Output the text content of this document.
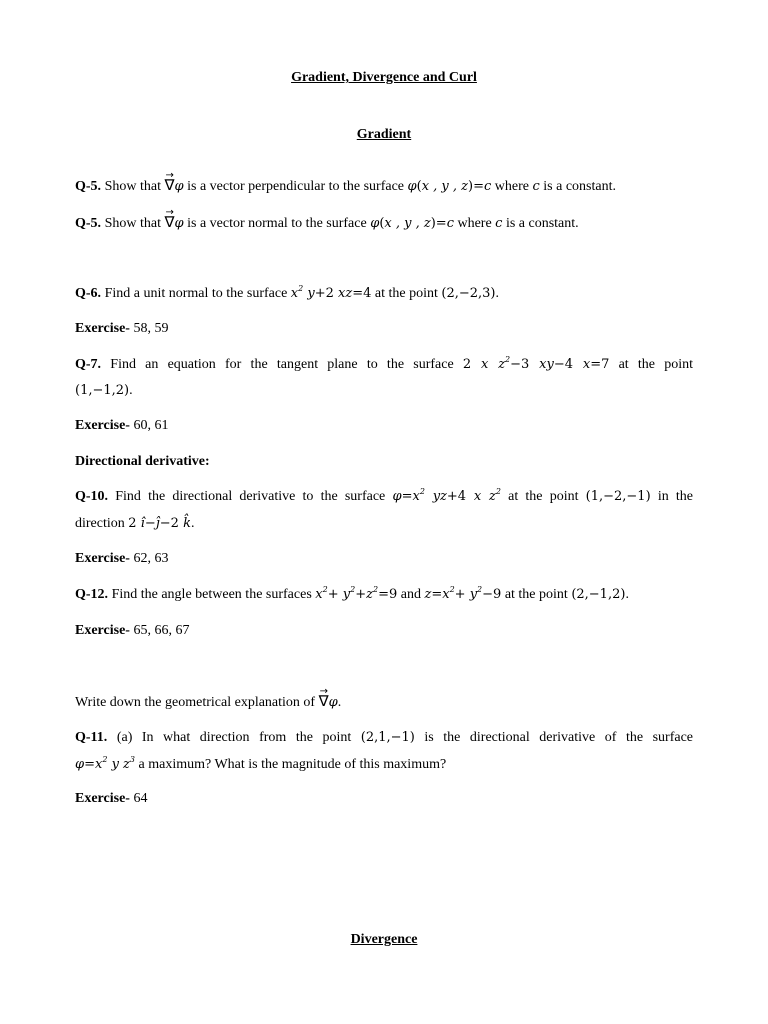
Gradient, Divergence and Curl
Gradient
Q-5. Show that → ∇φ is a vector perpendicular to the surface φ(x , y , z)=c where c is a constant.
Q-5. Show that → ∇φ is a vector normal to the surface φ(x , y , z)=c where c is a constant.
Q-6. Find a unit normal to the surface $x^2$ y+2 xz=4 at the point (2,−2,3).
Exercise- 58, 59
Q-7. Find an equation for the tangent plane to the surface 2 x $z^2-3$ xy−4 x=7 at the point
(1,−1,2).
Exercise- 60, 61
Directional derivative:
Q-10. Find the directional derivative to the surface $\varphi=x^2$ yz+4 x $z^2$ at the point (1,−2,−1) in the
direction 2 î−ĵ−2 k̂.
Exercise- 62, 63
Q-12. Find the angle between the surfaces $x^2+ y^2+z^2=9$ and $z=x^2+ y^2-9$ at the point (2,−1,2).
Exercise- 65, 66, 67
Write down the geometrical explanation of → ∇φ.
Q-11. (a) In what direction from the point (2,1,−1) is the directional derivative of the surface
$\varphi=x^2$ y $z^3$ a maximum? What is the magnitude of this maximum?
Exercise- 64
Divergence
